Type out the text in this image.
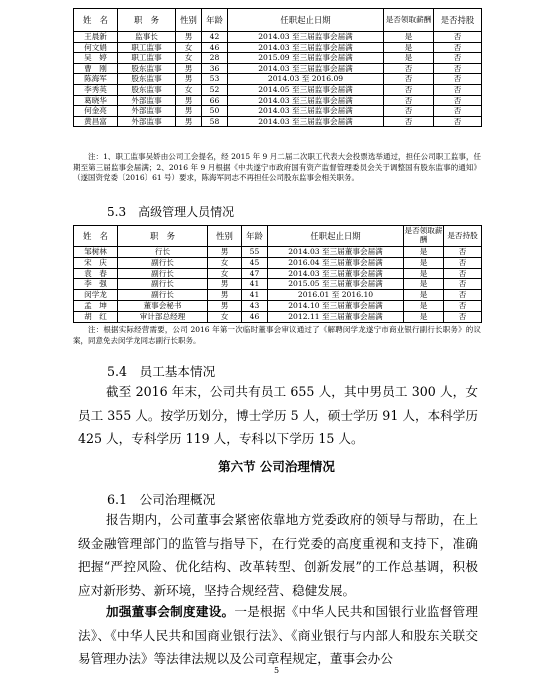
姓　名	职　务	性别	年龄	任职起止日期	是否领取薪酬	是否持股
王晨新	监事长	男	42	2014.03 至三届监事会届满	是	否
何文娟	职工监事	女	46	2014.03 至三届监事会届满	是	否
吴　婷	职工监事	女	28	2015.09 至三届监事会届满	是	否
曹　刚	股东监事	男	36	2014.03 至三届监事会届满	否	否
陈海军	股东监事	男	53	2014.03 至 2016.09	否	否
李秀英	股东监事	女	52	2014.05 至三届监事会届满	否	否
葛晓华	外部监事	男	66	2014.03 至三届监事会届满	否	否
何金亮	外部监事	男	50	2014.03 至三届监事会届满	否	否
黄昌富	外部监事	男	58	2014.03 至三届监事会届满	否	否

注：1、职工监事吴娇由公司工会提名，经 2015 年 9 月二届二次职工代表大会投票选举通过，担任公司职工监事，任期至第三届监事会届满；2、2016 年 9 月根据《中共遂宁市政府国有资产监督管理委员会关于调整国有股东监事的通知》（遂国资党委〔2016〕61 号）要求，陈海军同志不再担任公司股东监事会相关职务。

5.3　高级管理人员情况

姓　名	职　务	性别	年龄	任职起止日期	是否领取薪酬	是否持股
邹树林	行长	男	55	2014.03 至三届董事会届满	是	否
宋　庆	副行长	女	45	2016.04 至三届董事会届满	是	否
袁　春	副行长	女	47	2014.03 至三届董事会届满	是	否
李　强	副行长	男	41	2015.05 至三届董事会届满	是	否
闵学龙	副行长	男	41	2016.01 至 2016.10	是	否
孟　坤	董事会秘书	男	43	2014.10 至三届董事会届满	是	否
胡　红	审计部总经理	女	46	2012.11 至三届董事会届满	是	否

注：根据实际经营需要，公司 2016 年第一次临时董事会审议通过了《解聘闵学龙遂宁市商业银行副行长职务》的议案，同意免去闵学龙同志副行长职务。

5.4　员工基本情况

截至 2016 年末，公司共有员工 655 人，其中男员工 300 人，女员工 355 人。按学历划分，博士学历 5 人，硕士学历 91 人，本科学历 425 人，专科学历 119 人，专科以下学历 15 人。

第六节 公司治理情况

6.1　公司治理概况

报告期内，公司董事会紧密依靠地方党委政府的领导与帮助，在上级金融管理部门的监管与指导下，在行党委的高度重视和支持下，准确把握“严控风险、优化结构、改革转型、创新发展”的工作总基调，积极应对新形势、新环境，坚持合规经营、稳健发展。

加强董事会制度建设。一是根据《中华人民共和国银行业监督管理法》、《中华人民共和国商业银行法》、《商业银行与内部人和股东关联交易管理办法》等法律法规以及公司章程规定，董事会办公

5
